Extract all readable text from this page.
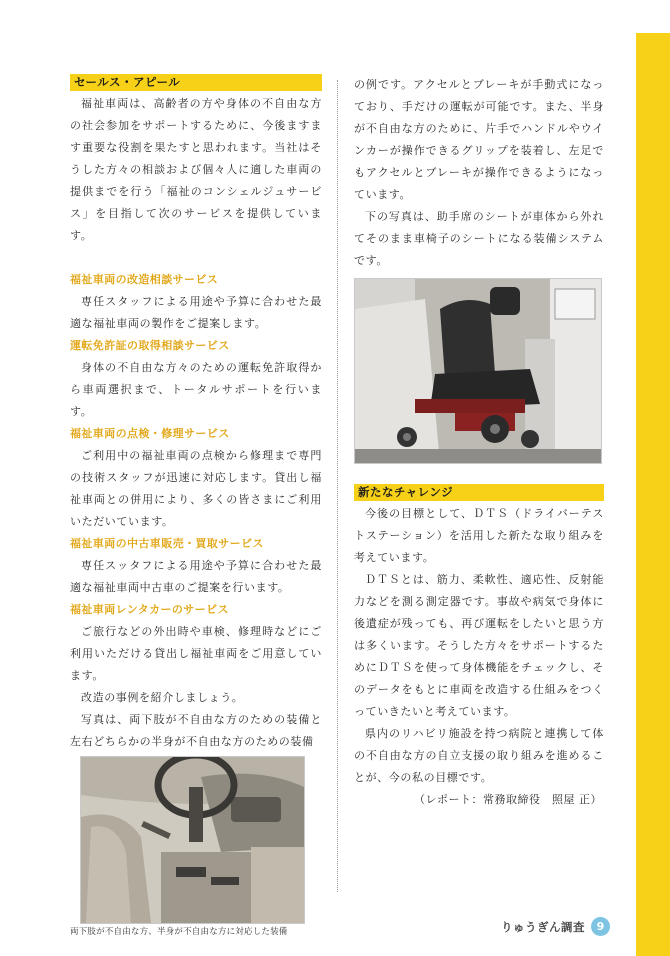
セールス・アピール

福祉車両は、高齢者の方や身体の不自由な方の社会参加をサポートするために、今後ますます重要な役割を果たすと思われます。当社はそうした方々の相談および個々人に適した車両の提供までを行う「福祉のコンシェルジュサービス」を目指して次のサービスを提供しています。

福祉車両の改造相談サービス

専任スタッフによる用途や予算に合わせた最適な福祉車両の製作をご提案します。

運転免許証の取得相談サービス

身体の不自由な方々のための運転免許取得から車両選択まで、トータルサポートを行います。

福祉車両の点検・修理サービス

ご利用中の福祉車両の点検から修理まで専門の技術スタッフが迅速に対応します。貸出し福祉車両との併用により、多くの皆さまにご利用いただいています。

福祉車両の中古車販売・買取サービス

専任スッタフによる用途や予算に合わせた最適な福祉車両中古車のご提案を行います。

福祉車両レンタカーのサービス

ご旅行などの外出時や車検、修理時などにご利用いただける貸出し福祉車両をご用意しています。

改造の事例を紹介しましょう。

写真は、両下肢が不自由な方のための装備と左右どちらかの半身が不自由な方のための装備

両下肢が不自由な方、半身が不自由な方に対応した装備

の例です。アクセルとブレーキが手動式になっており、手だけの運転が可能です。また、半身が不自由な方のために、片手でハンドルやウインカーが操作できるグリップを装着し、左足でもアクセルとブレーキが操作できるようになっています。

下の写真は、助手席のシートが車体から外れてそのまま車椅子のシートになる装備システムです。

新たなチャレンジ

今後の目標として、ＤＴＳ（ドライバーテストステーション）を活用した新たな取り組みを考えています。

ＤＴＳとは、筋力、柔軟性、適応性、反射能力などを測る測定器です。事故や病気で身体に後遺症が残っても、再び運転をしたいと思う方は多くいます。そうした方々をサポートするためにＤＴＳを使って身体機能をチェックし、そのデータをもとに車両を改造する仕組みをつくっていきたいと考えています。

県内のリハビリ施設を持つ病院と連携して体の不自由な方の自立支援の取り組みを進めることが、今の私の目標です。

（レポート：常務取締役　照屋 正）
りゅうぎん調査	9
